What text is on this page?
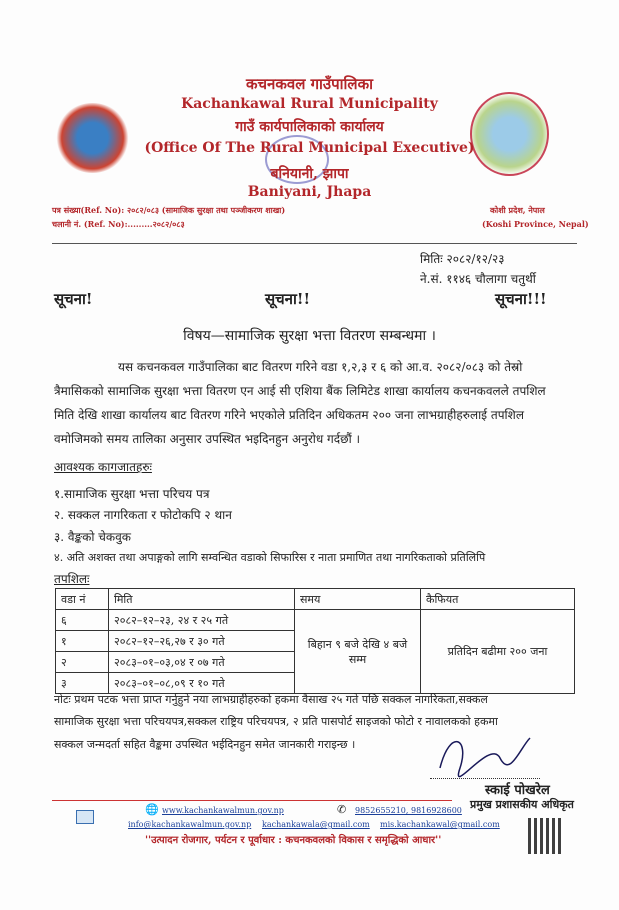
कचनकवल गाउँपालिका
Kachankawal Rural Municipality
गाउँ कार्यपालिकाको कार्यालय
(Office Of The Rural Municipal Executive)
बनियानी, झापा
Baniyani, Jhapa
पत्र संख्या(Ref. No): २०८२/०८३ (सामाजिक सुरक्षा तथा पञ्जीकरण शाखा)
चलानी नं. (Ref. No):.........२०८२/०८३
कोशी प्रदेश, नेपाल
(Koshi Province, Nepal)
मितिः २०८२/१२/२३
ने.सं. ११४६ चौलागा चतुर्थी
सूचना!	सूचना!!	सूचना!!!
विषय—सामाजिक सुरक्षा भत्ता वितरण सम्बन्धमा ।
यस कचनकवल गाउँपालिका बाट वितरण गरिने वडा १,२,३ र ६ को आ.व. २०८२/०८३ को तेस्रो
त्रैमासिकको सामाजिक सुरक्षा भत्ता वितरण एन आई सी एशिया बैंक लिमिटेड शाखा कार्यालय कचनकवलले तपशिल
मिति देखि शाखा कार्यालय बाट वितरण गरिने भएकोले प्रतिदिन अधिकतम २०० जना लाभग्राहीहरुलाई तपशिल
वमोजिमको समय तालिका अनुसार उपस्थित भइदिनहुन अनुरोध गर्दछौं ।
आवश्यक कागजातहरुः
१.सामाजिक सुरक्षा भत्ता परिचय पत्र
२. सक्कल नागरिकता र फोटोकपि २ थान
३. वैङ्कको चेकवुक
४. अति अशक्त तथा अपाङ्गको लागि सम्वन्धित वडाको सिफारिस र नाता प्रमाणित तथा नागरिकताको प्रतिलिपि
तपशिलः
वडा नं	मिति	समय	कैफियत
६	२०८२–१२–२३, २४ र २५ गते	बिहान ९ बजे देखि ४ बजे सम्म	प्रतिदिन बढीमा २०० जना
१	२०८२–१२–२६,२७ र ३० गते		
२	२०८३–०१–०३,०४ र ०७ गते		
३	२०८३–०१–०८,०९ र १० गते		
नोटः प्रथम पटक भत्ता प्राप्त गर्नुहुने नया लाभग्राहीहरुको हकमा वैसाख २५ गते पछि सक्कल नागरिकता,सक्कल
सामाजिक सुरक्षा भत्ता परिचयपत्र,सक्कल राष्ट्रिय परिचयपत्र, २ प्रति पासपोर्ट साइजको फोटो र नावालकको हकमा
सक्कल जन्मदर्ता सहित वैङ्कमा उपस्थित भईदिनहुन समेत जानकारी गराइन्छ ।
स्काई पोखरेल
प्रमुख प्रशासकीय अधिकृत
🌐 www.kachankawalmun.gov.np	✆ 9852655210, 9816928600
info@kachankawalmun.gov.np kachankawala@gmail.com mis.kachankawal@gmail.com
''उत्पादन रोजगार, पर्यटन र पूर्वाधार : कचनकवलको विकास र समृद्धिको आधार''
